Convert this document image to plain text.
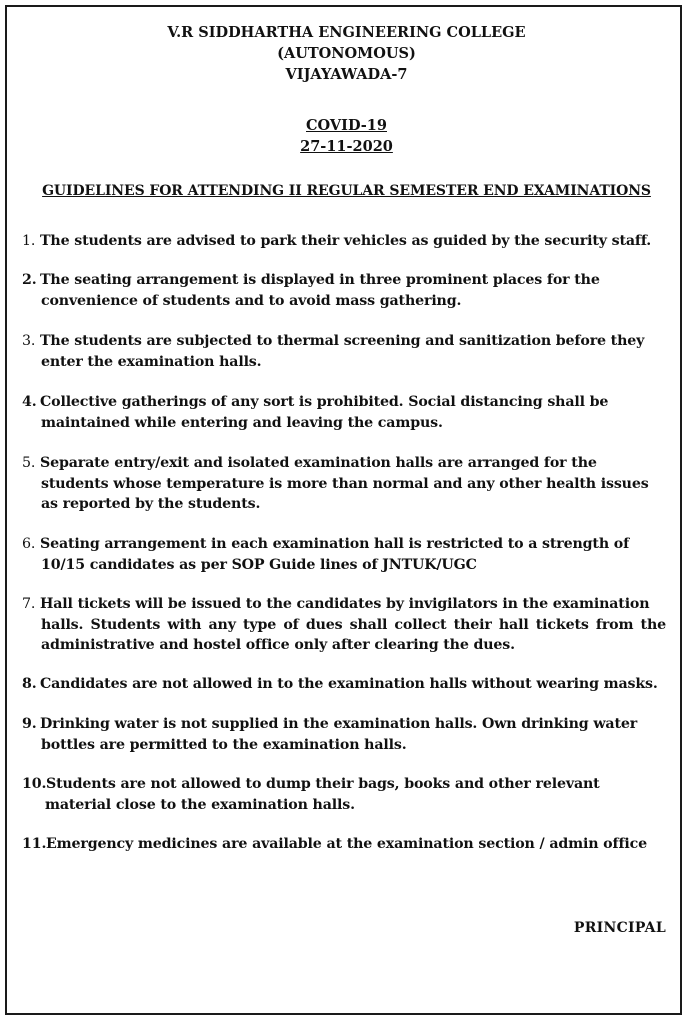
V.R SIDDHARTHA ENGINEERING COLLEGE
(AUTONOMOUS)
VIJAYAWADA-7
COVID-19
27-11-2020
GUIDELINES FOR ATTENDING II REGULAR SEMESTER END EXAMINATIONS
1. The students are advised to park their vehicles as guided by the security staff.
2. The seating arrangement is displayed in three prominent places for the
convenience of students and to avoid mass gathering.
3. The students are subjected to thermal screening and sanitization before they
enter the examination halls.
4. Collective gatherings of any sort is prohibited. Social distancing shall be
maintained while entering and leaving the campus.
5. Separate entry/exit and isolated examination halls are arranged for the
students whose temperature is more than normal and any other health issues
as reported by the students.
6. Seating arrangement in each examination hall is restricted to a strength of
10/15 candidates as per SOP Guide lines of JNTUK/UGC
7. Hall tickets will be issued to the candidates by invigilators in the examination
halls. Students with any type of dues shall collect their hall tickets from the
administrative and hostel office only after clearing the dues.
8. Candidates are not allowed in to the examination halls without wearing masks.
9. Drinking water is not supplied in the examination halls. Own drinking water
bottles are permitted to the examination halls.
10.Students are not allowed to dump their bags, books and other relevant
material close to the examination halls.
11.Emergency medicines are available at the examination section / admin office
PRINCIPAL
